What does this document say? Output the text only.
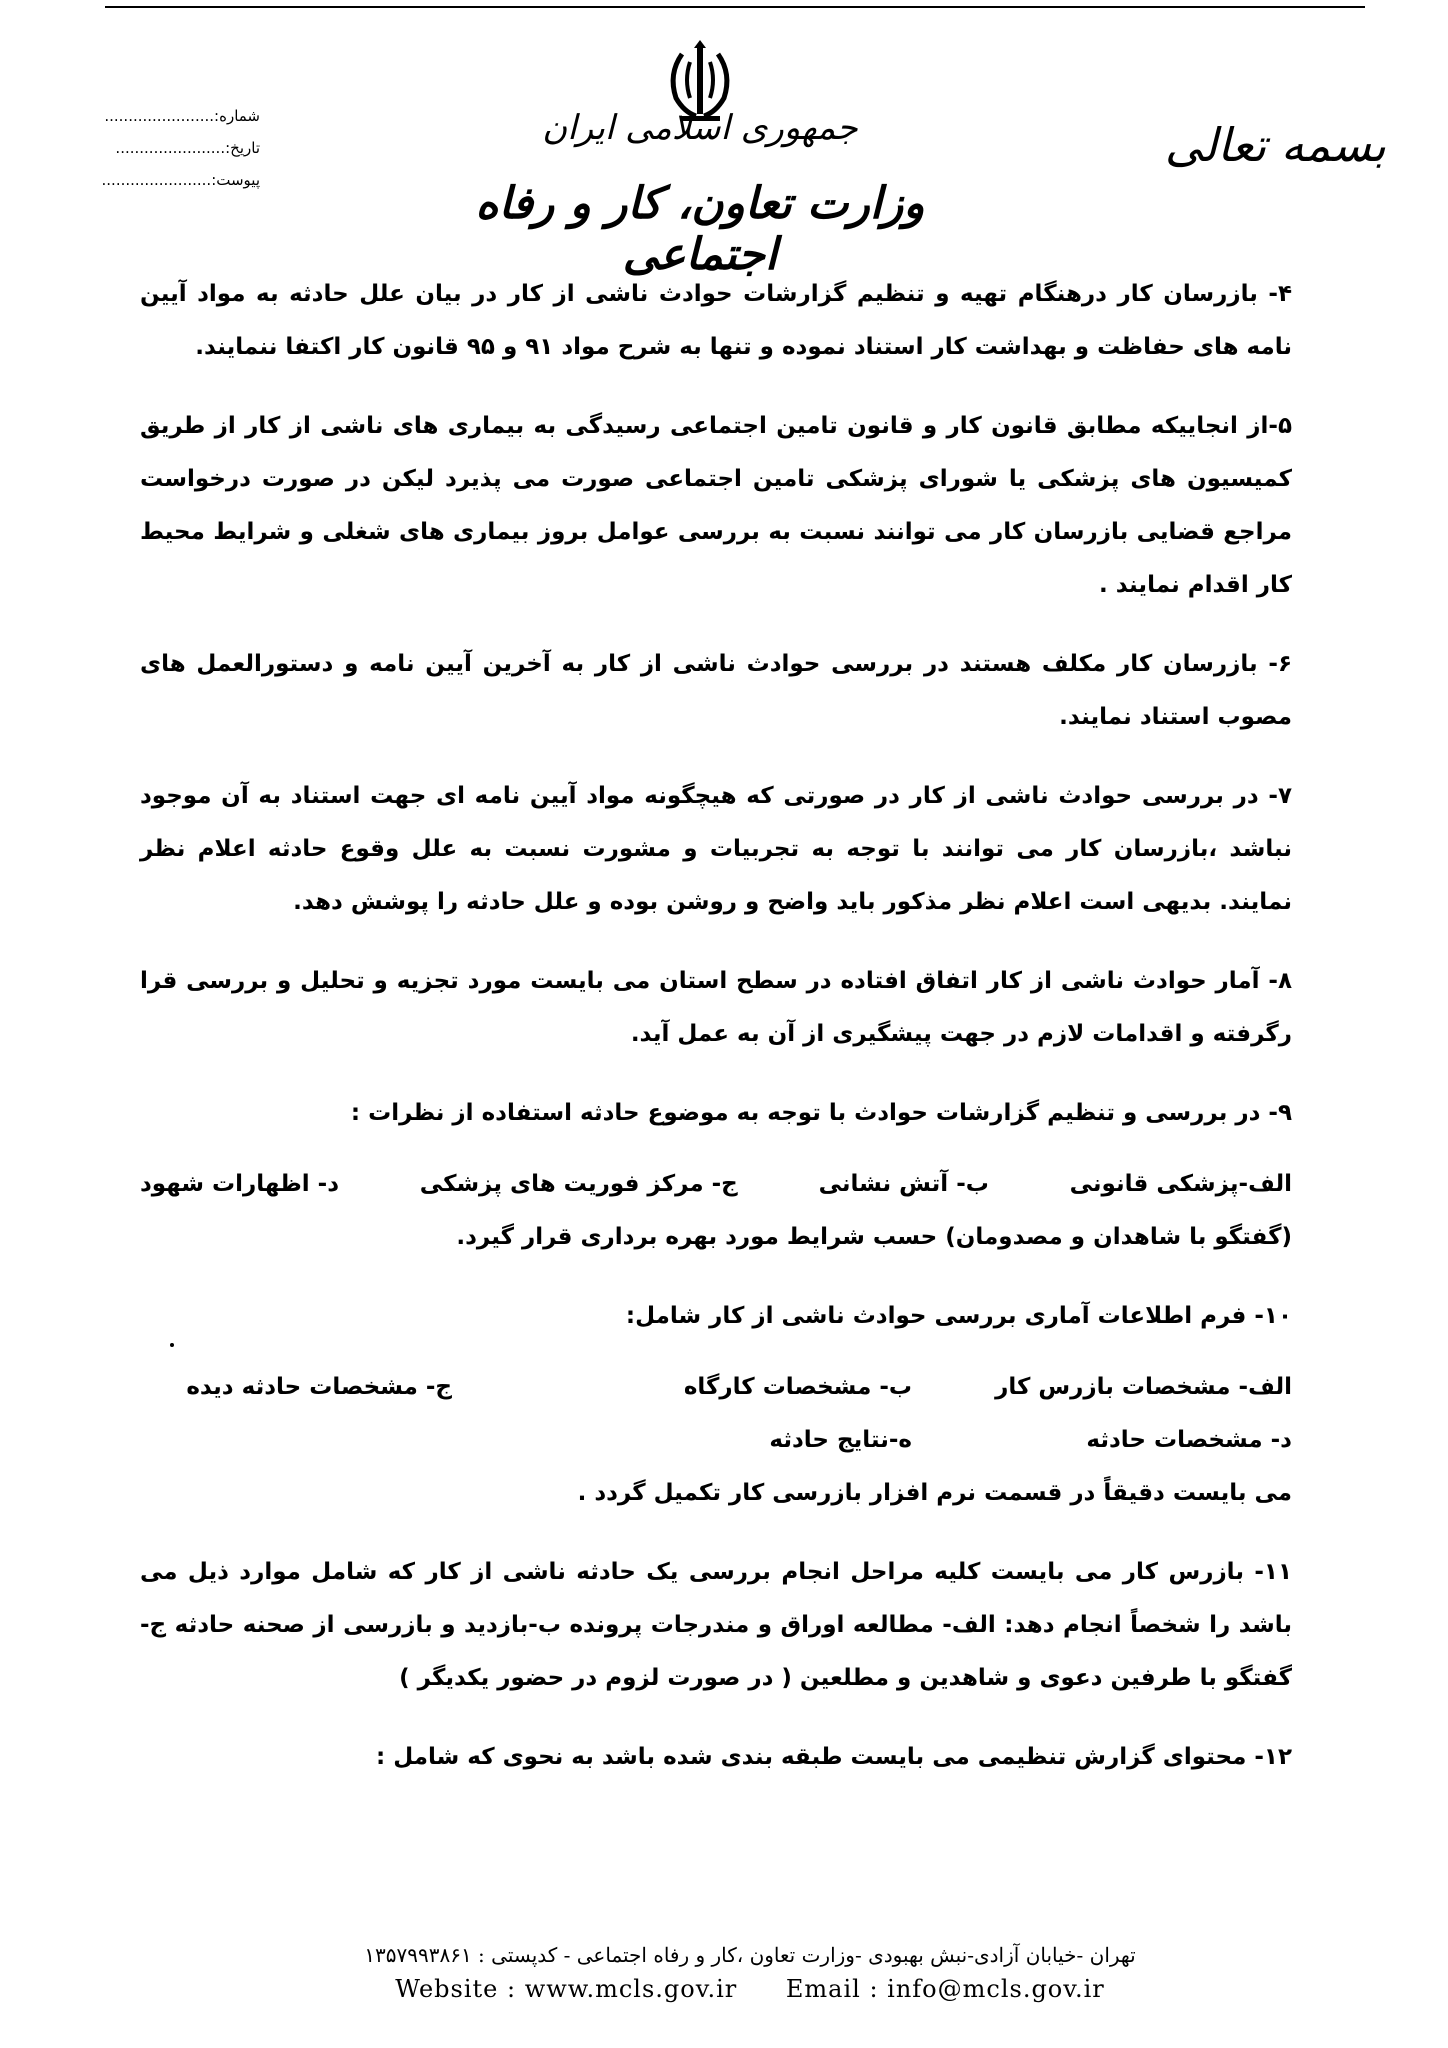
بسمه تعالی
جمهوری اسلامی ایران
وزارت تعاون، کار و رفاه اجتماعی
شماره:.......................
تاریخ:.......................
پیوست:.......................

۴- بازرسان کار درهنگام تهیه و تنظیم گزارشات حوادث ناشی از کار در بیان علل حادثه به مواد آیین نامه های حفاظت و بهداشت کار استناد نموده و تنها به شرح مواد ۹۱ و ۹۵ قانون کار اکتفا ننمایند.

۵-از انجاییکه مطابق قانون کار و قانون تامین اجتماعی رسیدگی به بیماری های ناشی از کار از طریق کمیسیون های پزشکی یا شورای پزشکی تامین اجتماعی صورت می پذیرد لیکن در صورت درخواست مراجع قضایی بازرسان کار می توانند نسبت به بررسی عوامل بروز بیماری های شغلی و شرایط محیط کار اقدام نمایند .

۶- بازرسان کار مکلف هستند در بررسی حوادث ناشی از کار به آخرین آیین نامه و دستورالعمل های مصوب استناد نمایند.

۷- در بررسی حوادث ناشی از کار در صورتی که هیچگونه مواد آیین نامه ای جهت استناد به آن موجود نباشد ،بازرسان کار می توانند با توجه به تجربیات و مشورت نسبت به علل وقوع حادثه اعلام نظر نمایند. بدیهی است اعلام نظر مذکور باید واضح و روشن بوده و علل حادثه را پوشش دهد.

۸- آمار حوادث ناشی از کار اتفاق افتاده در سطح استان می بایست مورد تجزیه و تحلیل و بررسی قرا رگرفته و اقدامات لازم در جهت پیشگیری از آن به عمل آید.

۹- در بررسی و تنظیم گزارشات حوادث با توجه به موضوع حادثه استفاده از نظرات :

الف-پزشکی قانونی
ب- آتش نشانی
ج- مرکز فوریت های پزشکی
د- اظهارات شهود

(گفتگو با شاهدان و مصدومان) حسب شرایط مورد بهره برداری قرار گیرد.

۱۰- فرم اطلاعات آماری بررسی حوادث ناشی از کار شامل:

الف- مشخصات بازرس کار
ب- مشخصات کارگاه
ج- مشخصات حادثه دیده
د- مشخصات حادثه
ه-نتایج حادثه

می بایست دقیقاً در قسمت نرم افزار بازرسی کار تکمیل گردد .

۱۱- بازرس کار می بایست کلیه مراحل انجام بررسی یک حادثه ناشی از کار که شامل موارد ذیل می باشد را شخصاً انجام دهد: الف- مطالعه اوراق و مندرجات پرونده ب-بازدید و بازرسی از صحنه حادثه ج- گفتگو با طرفین دعوی و شاهدین و مطلعین ( در صورت لزوم در حضور یکدیگر )

۱۲- محتوای گزارش تنظیمی می بایست طبقه بندی شده باشد به نحوی که شامل :

تهران -خیابان آزادی-نبش بهبودی -وزارت تعاون ،کار و رفاه اجتماعی - کدپستی : ۱۳۵۷۹۹۳۸۶۱
Website : www.mcls.gov.ir Email : info@mcls.gov.ir
